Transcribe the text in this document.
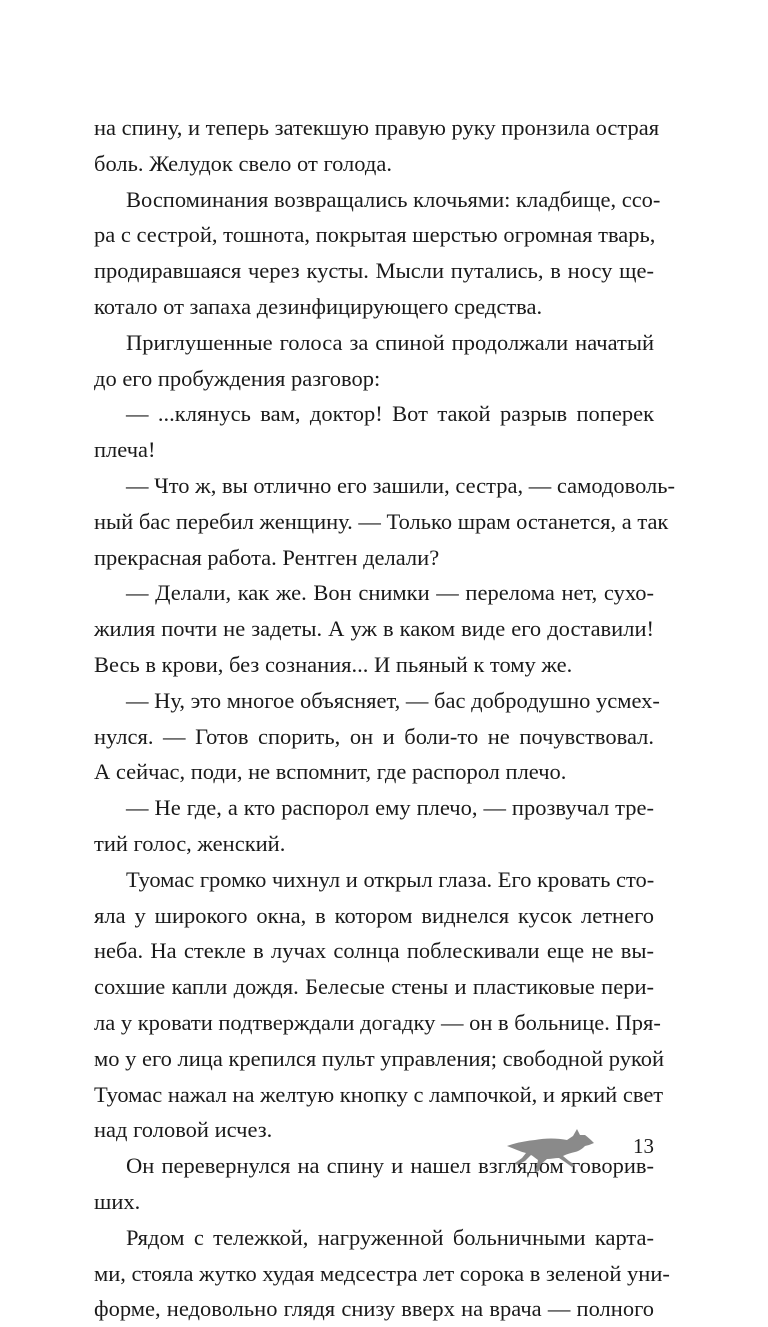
на спину, и теперь затекшую правую руку пронзила острая
боль. Желудок свело от голода.
Воспоминания возвращались клочьями: кладбище, ссо-
ра с сестрой, тошнота, покрытая шерстью огромная тварь,
продиравшаяся через кусты. Мысли путались, в носу ще-
котало от запаха дезинфицирующего средства.
Приглушенные голоса за спиной продолжали начатый
до его пробуждения разговор:
— ...клянусь вам, доктор! Вот такой разрыв поперек
плеча!
— Что ж, вы отлично его зашили, сестра, — самодоволь-
ный бас перебил женщину. — Только шрам останется, а так
прекрасная работа. Рентген делали?
— Делали, как же. Вон снимки — перелома нет, сухо-
жилия почти не задеты. А уж в каком виде его доставили!
Весь в крови, без сознания... И пьяный к тому же.
— Ну, это многое объясняет, — бас добродушно усмех-
нулся. — Готов спорить, он и боли-то не почувствовал.
А сейчас, поди, не вспомнит, где распорол плечо.
— Не где, а кто распорол ему плечо, — прозвучал тре-
тий голос, женский.
Туомас громко чихнул и открыл глаза. Его кровать сто-
яла у широкого окна, в котором виднелся кусок летнего
неба. На стекле в лучах солнца поблескивали еще не вы-
сохшие капли дождя. Белесые стены и пластиковые пери-
ла у кровати подтверждали догадку — он в больнице. Пря-
мо у его лица крепился пульт управления; свободной рукой
Туомас нажал на желтую кнопку с лампочкой, и яркий свет
над головой исчез.
Он перевернулся на спину и нашел взглядом говорив-
ших.
Рядом с тележкой, нагруженной больничными карта-
ми, стояла жутко худая медсестра лет сорока в зеленой уни-
форме, недовольно глядя снизу вверх на врача — полного
13
